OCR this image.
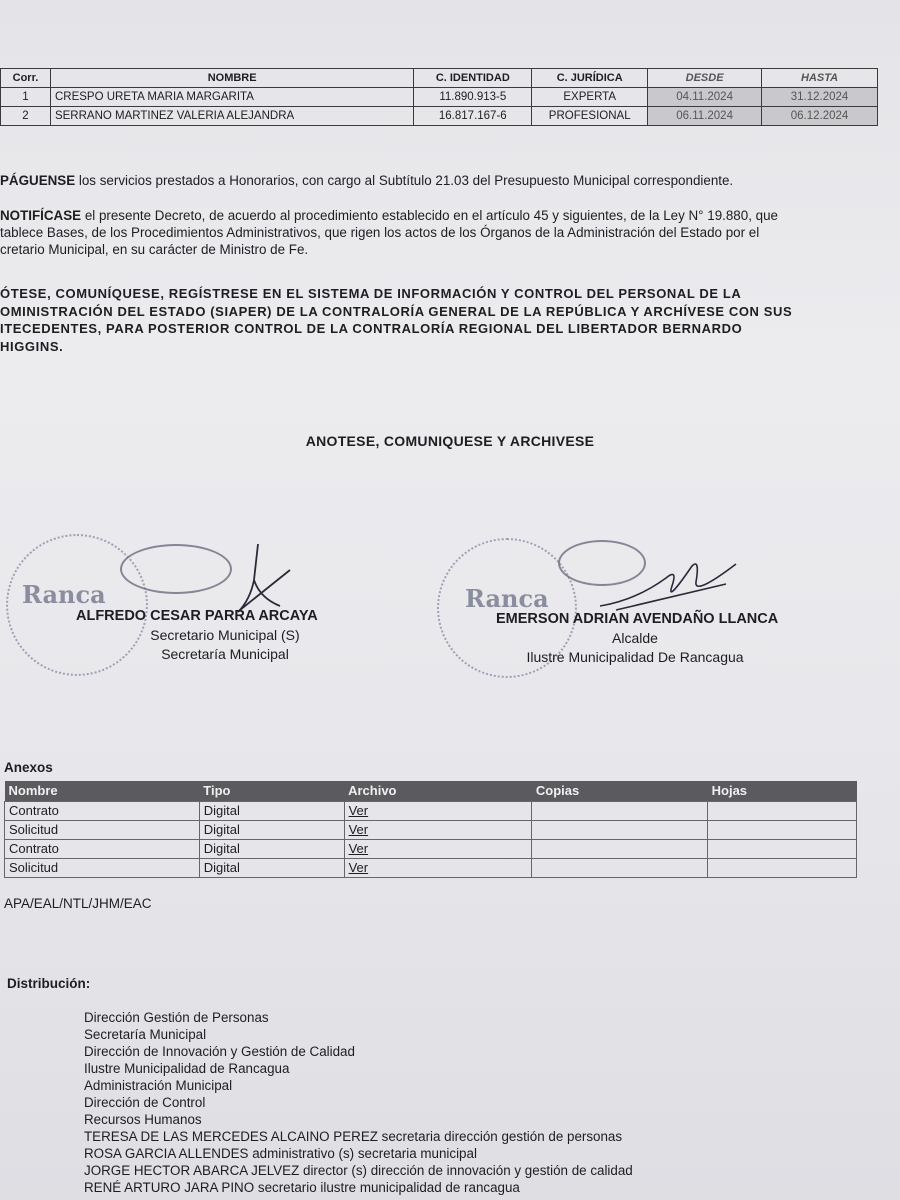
Corr.	NOMBRE	C. IDENTIDAD	C. JURÍDICA	DESDE	HASTA
1	CRESPO URETA MARIA MARGARITA	11.890.913-5	EXPERTA	04.11.2024	31.12.2024
2	SERRANO MARTINEZ VALERIA ALEJANDRA	16.817.167-6	PROFESIONAL	06.11.2024	06.12.2024

PÁGUENSE los servicios prestados a Honorarios, con cargo al Subtítulo 21.03 del Presupuesto Municipal correspondiente.

NOTIFÍCASE el presente Decreto, de acuerdo al procedimiento establecido en el artículo 45 y siguientes, de la Ley N° 19.880, que
tablece Bases, de los Procedimientos Administrativos, que rigen los actos de los Órganos de la Administración del Estado por el
cretario Municipal, en su carácter de Ministro de Fe.
ÓTESE, COMUNÍQUESE, REGÍSTRESE EN EL SISTEMA DE INFORMACIÓN Y CONTROL DEL PERSONAL DE LA
OMINISTRACIÓN DEL ESTADO (SIAPER) DE LA CONTRALORÍA GENERAL DE LA REPÚBLICA Y ARCHÍVESE CON SUS
ITECEDENTES, PARA POSTERIOR CONTROL DE LA CONTRALORÍA REGIONAL DEL LIBERTADOR BERNARDO
HIGGINS.
ANOTESE, COMUNIQUESE Y ARCHIVESE
Ranca
ALFREDO CESAR PARRA ARCAYA
Secretario Municipal (S)
Secretaría Municipal
Ranca
EMERSON ADRIAN AVENDAÑO LLANCA
Alcalde
Ilustre Municipalidad De Rancagua
Anexos
Nombre	Tipo	Archivo	Copias	Hojas
Contrato	Digital	Ver		
Solicitud	Digital	Ver		
Contrato	Digital	Ver		
Solicitud	Digital	Ver		
APA/EAL/NTL/JHM/EAC
Distribución:
Dirección Gestión de Personas
Secretaría Municipal
Dirección de Innovación y Gestión de Calidad
Ilustre Municipalidad de Rancagua
Administración Municipal
Dirección de Control
Recursos Humanos
TERESA DE LAS MERCEDES ALCAINO PEREZ secretaria dirección gestión de personas
ROSA GARCIA ALLENDES administrativo (s) secretaria municipal
JORGE HECTOR ABARCA JELVEZ director (s) dirección de innovación y gestión de calidad
RENÉ ARTURO JARA PINO secretario ilustre municipalidad de rancagua
